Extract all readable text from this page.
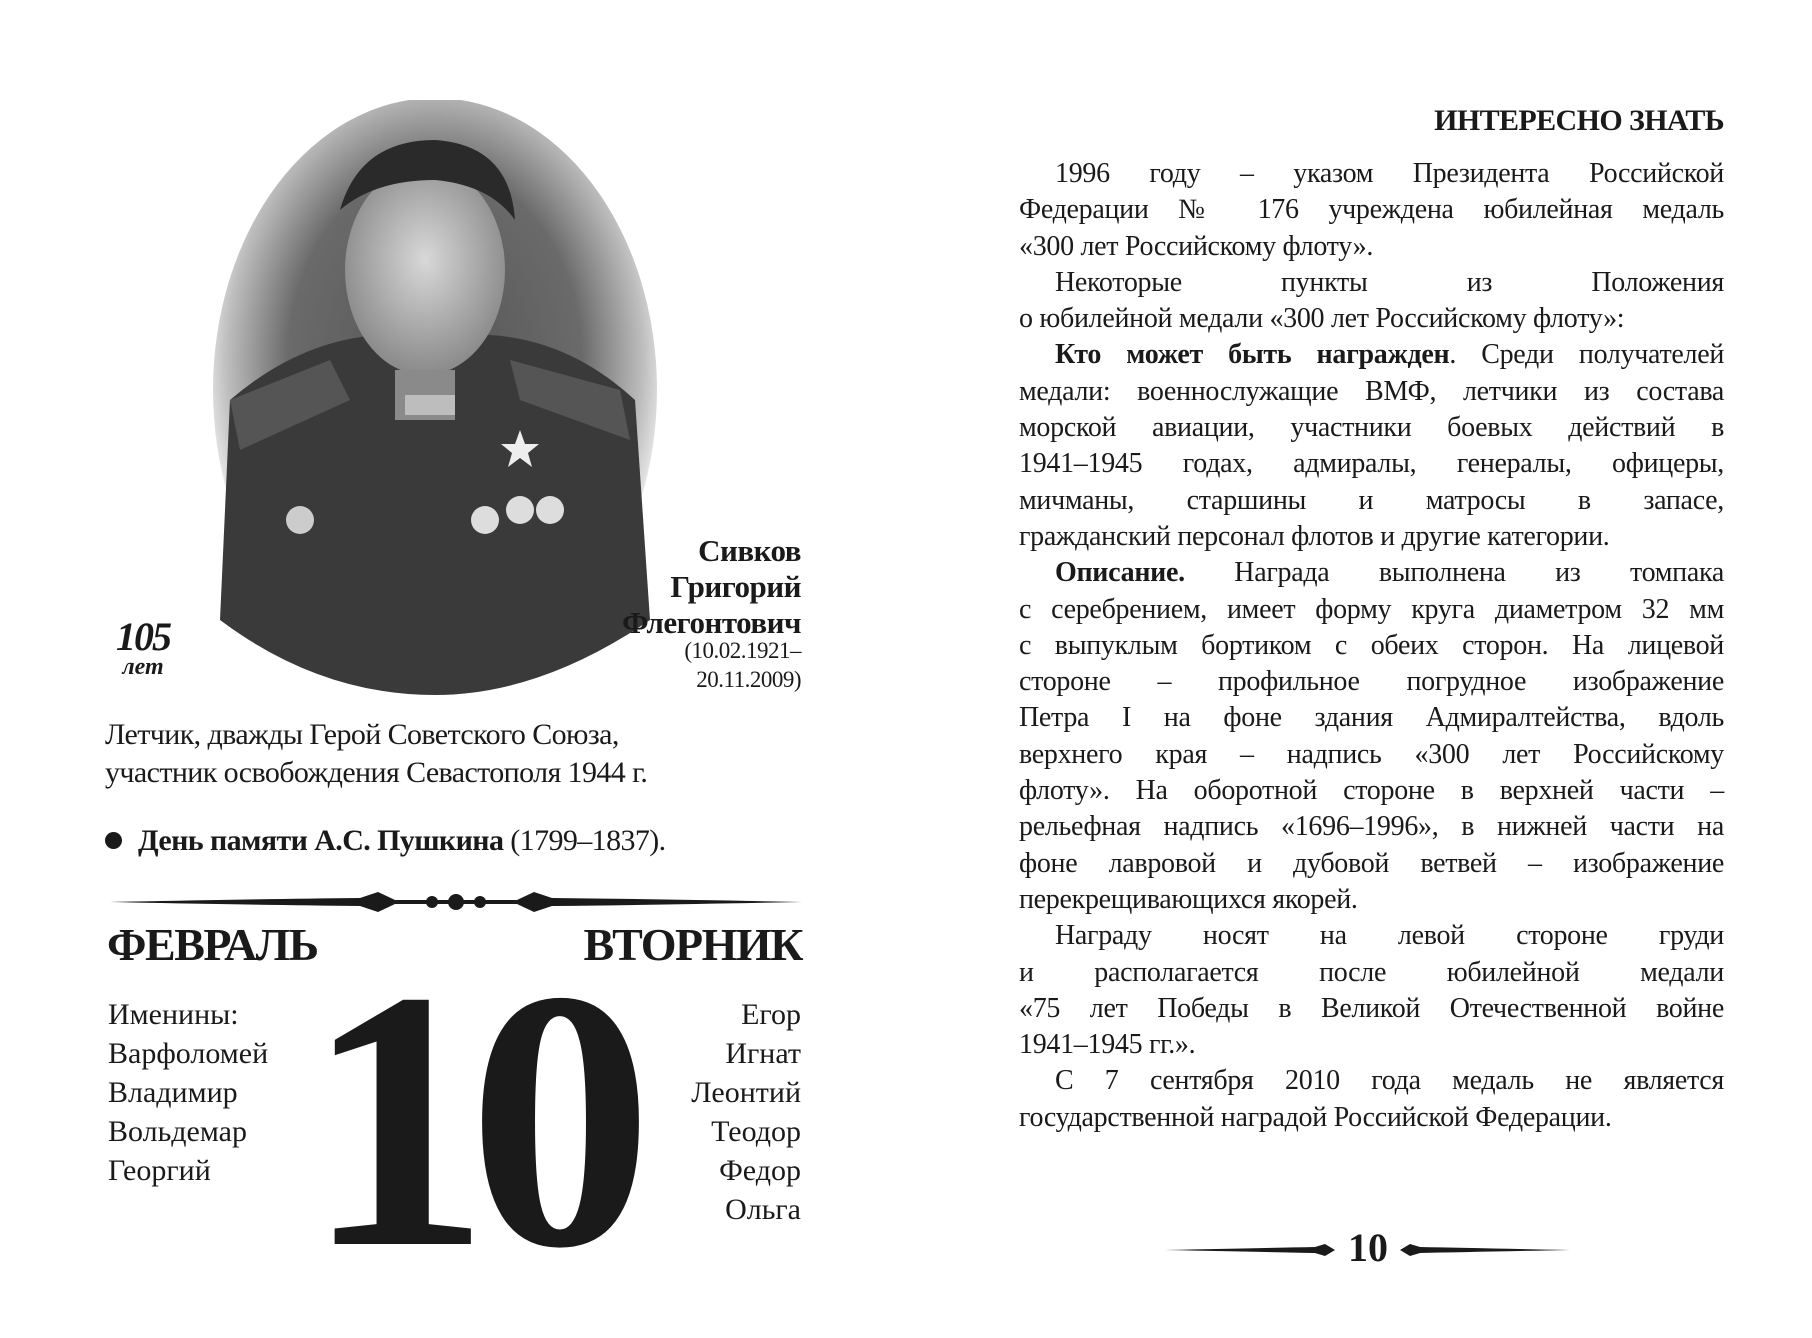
105
лет
Сивков
Григорий
Флегонтович
(10.02.1921–
20.11.2009)
Летчик, дважды Герой Советского Союза,
участник освобождения Севастополя 1944 г.
День памяти А.С. Пушкина (1799–1837).
ФЕВРАЛЬ	ВТОРНИК
10
Именины:
Варфоломей
Владимир
Вольдемар
Георгий
Егор
Игнат
Леонтий
Теодор
Федор
Ольга
ИНТЕРЕСНО ЗНАТЬ
1996 году – указом Президента Российской
Федерации № 176 учреждена юбилейная медаль
«300 лет Российскому флоту».
Некоторые пункты из Положения
о юбилейной медали «300 лет Российскому флоту»:
Кто может быть награжден. Среди получателей
медали: военнослужащие ВМФ, летчики из состава
морской авиации, участники боевых действий в
1941–1945 годах, адмиралы, генералы, офицеры,
мичманы, старшины и матросы в запасе,
гражданский персонал флотов и другие категории.
Описание. Награда выполнена из томпака
с серебрением, имеет форму круга диаметром 32 мм
с выпуклым бортиком с обеих сторон. На лицевой
стороне – профильное погрудное изображение
Петра I на фоне здания Адмиралтейства, вдоль
верхнего края – надпись «300 лет Российскому
флоту». На оборотной стороне в верхней части –
рельефная надпись «1696–1996», в нижней части на
фоне лавровой и дубовой ветвей – изображение
перекрещивающихся якорей.
Награду носят на левой стороне груди
и располагается после юбилейной медали
«75 лет Победы в Великой Отечественной войне
1941–1945 гг.».
С 7 сентября 2010 года медаль не является
государственной наградой Российской Федерации.
10
